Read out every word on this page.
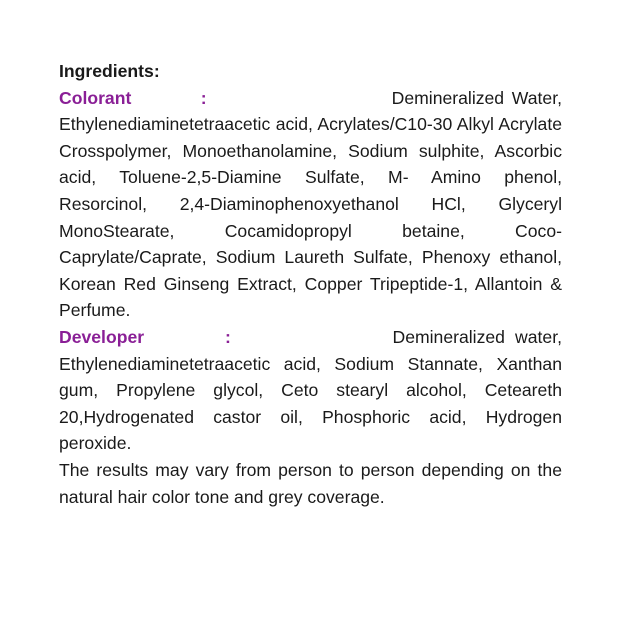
Ingredients:

Colorant	:	Demineralized Water, Ethylenediaminetetraacetic acid, Acrylates/C10-30 Alkyl Acrylate Crosspolymer, Monoethanolamine, Sodium sulphite, Ascorbic acid, Toluene-2,5-Diamine Sulfate, M- Amino phenol, Resorcinol, 2,4-Diaminophenoxyethanol HCl, Glyceryl MonoStearate, Cocamidopropyl betaine, Coco-Caprylate/Caprate, Sodium Laureth Sulfate, Phenoxy ethanol, Korean Red Ginseng Extract, Copper Tripeptide-1, Allantoin & Perfume.

Developer	:	Demineralized water, Ethylenediaminetetraacetic acid, Sodium Stannate, Xanthan gum, Propylene glycol, Ceto stearyl alcohol, Ceteareth 20,Hydrogenated castor oil, Phosphoric acid, Hydrogen peroxide.

The results may vary from person to person depending on the natural hair color tone and grey coverage.
